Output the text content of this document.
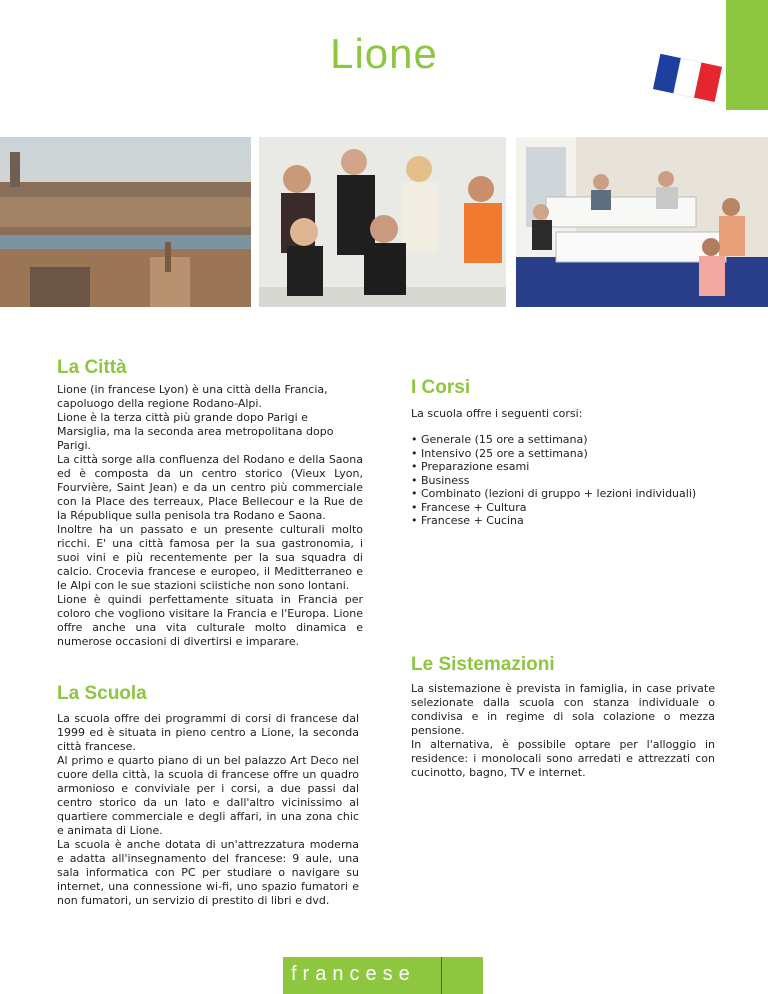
Lione
La Città

Lione (in francese Lyon) è una città della Francia, capoluogo della regione Rodano-Alpi.

Lione è la terza città più grande dopo Parigi e Marsiglia, ma la seconda area metropolitana dopo Parigi.

La città sorge alla confluenza del Rodano e della Saona ed è composta da un centro storico (Vieux Lyon, Fourvière, Saint Jean) e da un centro più commerciale con la Place des terreaux, Place Bellecour e la Rue de la République sulla penisola tra Rodano e Saona.

Inoltre ha un passato e un presente culturali molto ricchi. E' una città famosa per la sua gastronomia, i suoi vini e più recentemente per la sua squadra di calcio. Crocevia francese e europeo, il Meditterraneo e le Alpi con le sue stazioni sciistiche non sono lontani.

Lione è quindi perfettamente situata in Francia per coloro che vogliono visitare la Francia e l'Europa. Lione offre anche una vita culturale molto dinamica e numerose occasioni di divertirsi e imparare.

I Corsi

La scuola offre i seguenti corsi:

• Generale (15 ore a settimana)
• Intensivo (25 ore a settimana)
• Preparazione esami
• Business
• Combinato (lezioni di gruppo + lezioni individuali)
• Francese + Cultura
• Francese + Cucina
Le Sistemazioni

La sistemazione è prevista in famiglia, in case private selezionate dalla scuola con stanza individuale o condivisa e in regime di sola colazione o mezza pensione.

In alternativa, è possibile optare per l'alloggio in residence: i monolocali sono arredati e attrezzati con cucinotto, bagno, TV e internet.

La Scuola

La scuola offre dei programmi di corsi di francese dal 1999 ed è situata in pieno centro a Lione, la seconda città francese.

Al primo e quarto piano di un bel palazzo Art Deco nel cuore della città, la scuola di francese offre un quadro armonioso e conviviale per i corsi, a due passi dal centro storico da un lato e dall'altro vicinissimo al quartiere commerciale e degli affari, in una zona chic e animata di Lione.

La scuola è anche dotata di un'attrezzatura moderna e adatta all'insegnamento del francese: 9 aule, una sala informatica con PC per studiare o navigare su internet, una connessione wi-fi, uno spazio fumatori e non fumatori, un servizio di prestito di libri e dvd.

francese
